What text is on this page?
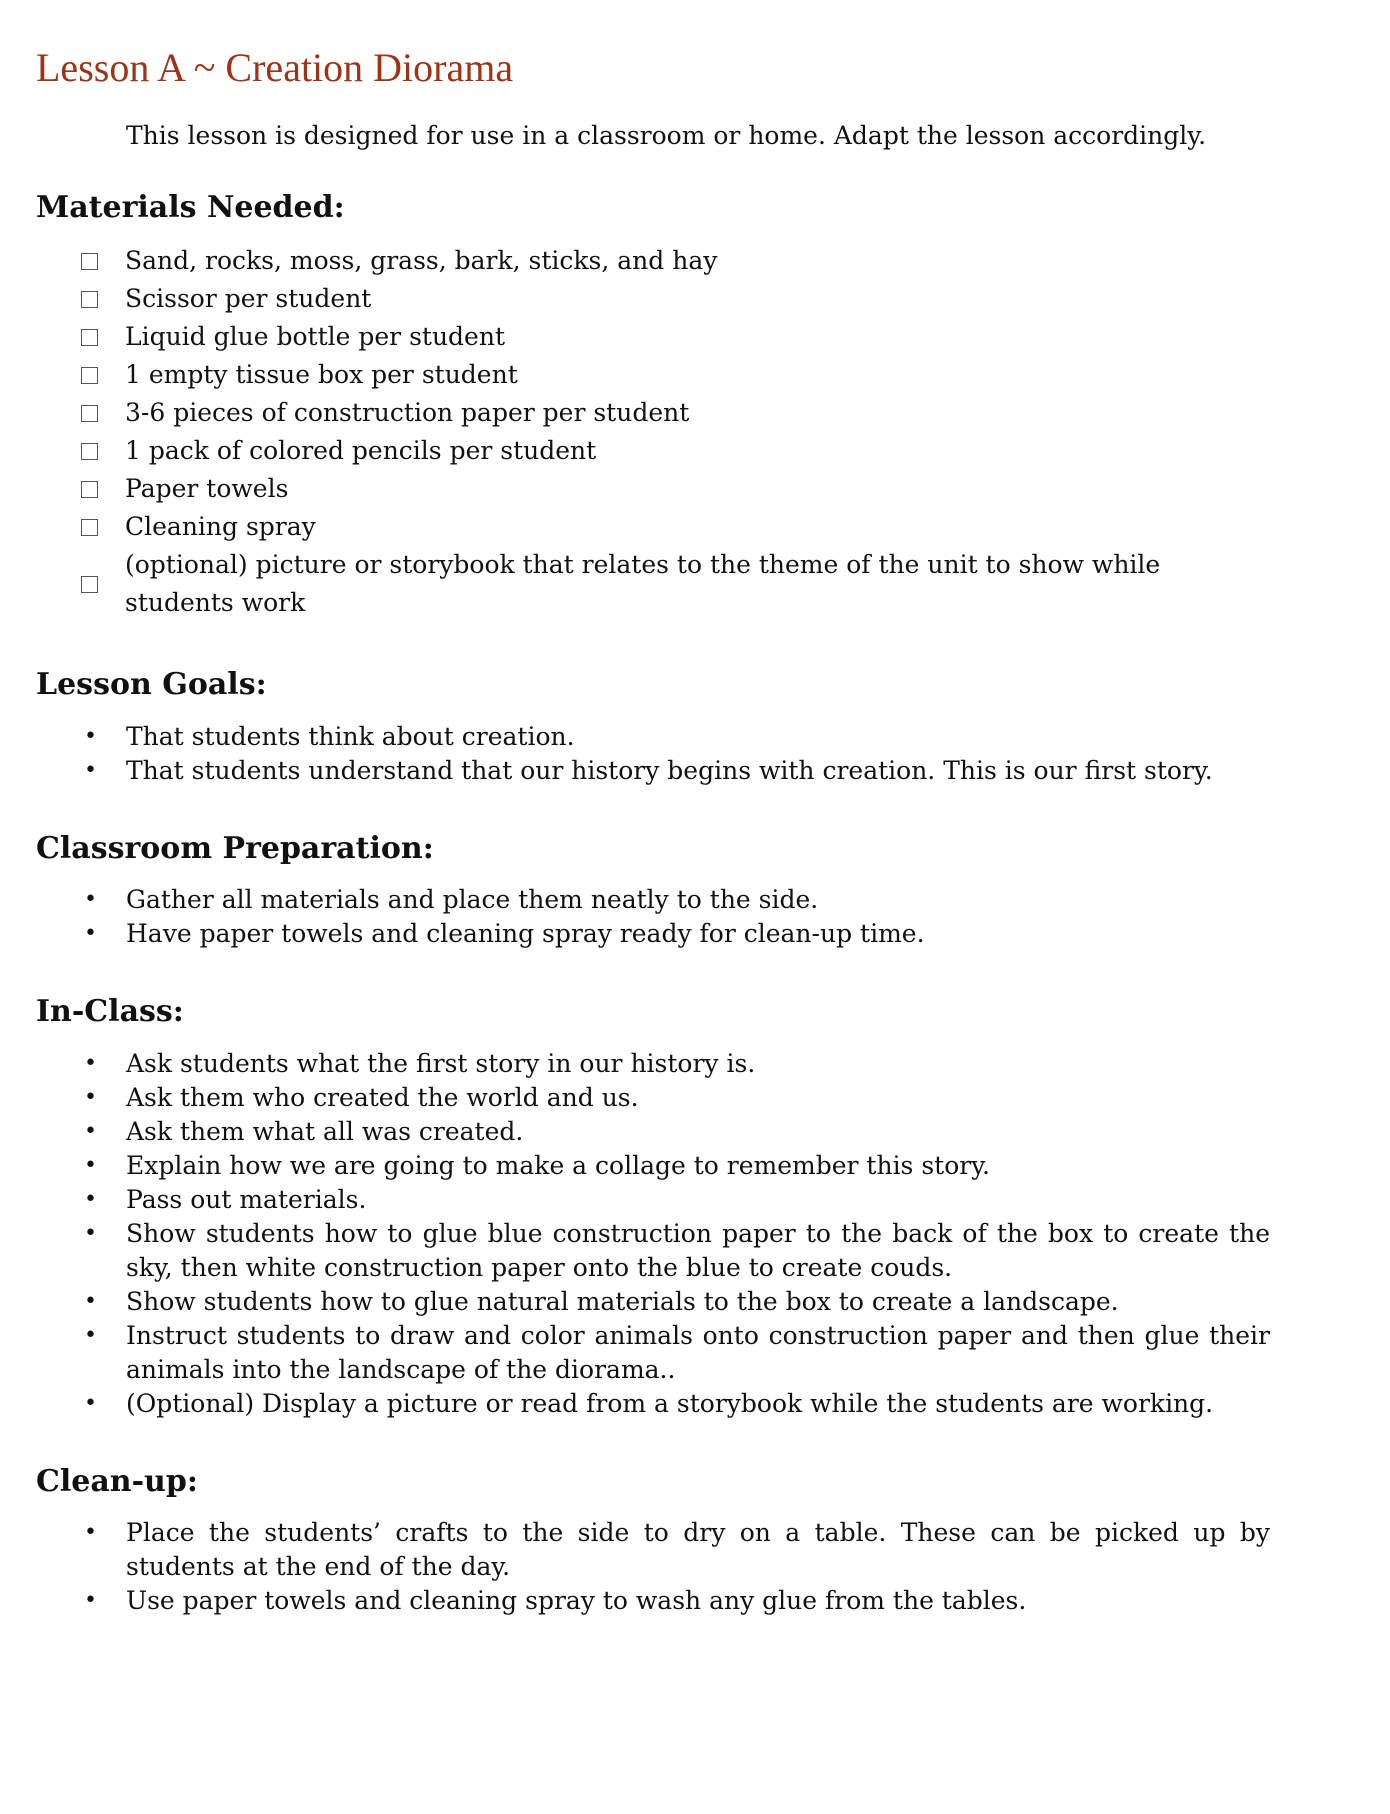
Lesson A ~ Creation Diorama

This lesson is designed for use in a classroom or home. Adapt the lesson accordingly.

Materials Needed:
Sand, rocks, moss, grass, bark, sticks, and hay
Scissor per student
Liquid glue bottle per student
1 empty tissue box per student
3-6 pieces of construction paper per student
1 pack of colored pencils per student
Paper towels
Cleaning spray
(optional) picture or storybook that relates to the theme of the unit to show while students work
Lesson Goals:
• That students think about creation.
• That students understand that our history begins with creation. This is our first story.
Classroom Preparation:
• Gather all materials and place them neatly to the side.
• Have paper towels and cleaning spray ready for clean-up time.
In-Class:
• Ask students what the first story in our history is.
• Ask them who created the world and us.
• Ask them what all was created.
• Explain how we are going to make a collage to remember this story.
• Pass out materials.
• Show students how to glue blue construction paper to the back of the box to create the sky, then white construction paper onto the blue to create couds.
• Show students how to glue natural materials to the box to create a landscape.
• Instruct students to draw and color animals onto construction paper and then glue their animals into the landscape of the diorama..
• (Optional) Display a picture or read from a storybook while the students are working.
Clean-up:
• Place the students’ crafts to the side to dry on a table. These can be picked up by students at the end of the day.
• Use paper towels and cleaning spray to wash any glue from the tables.
